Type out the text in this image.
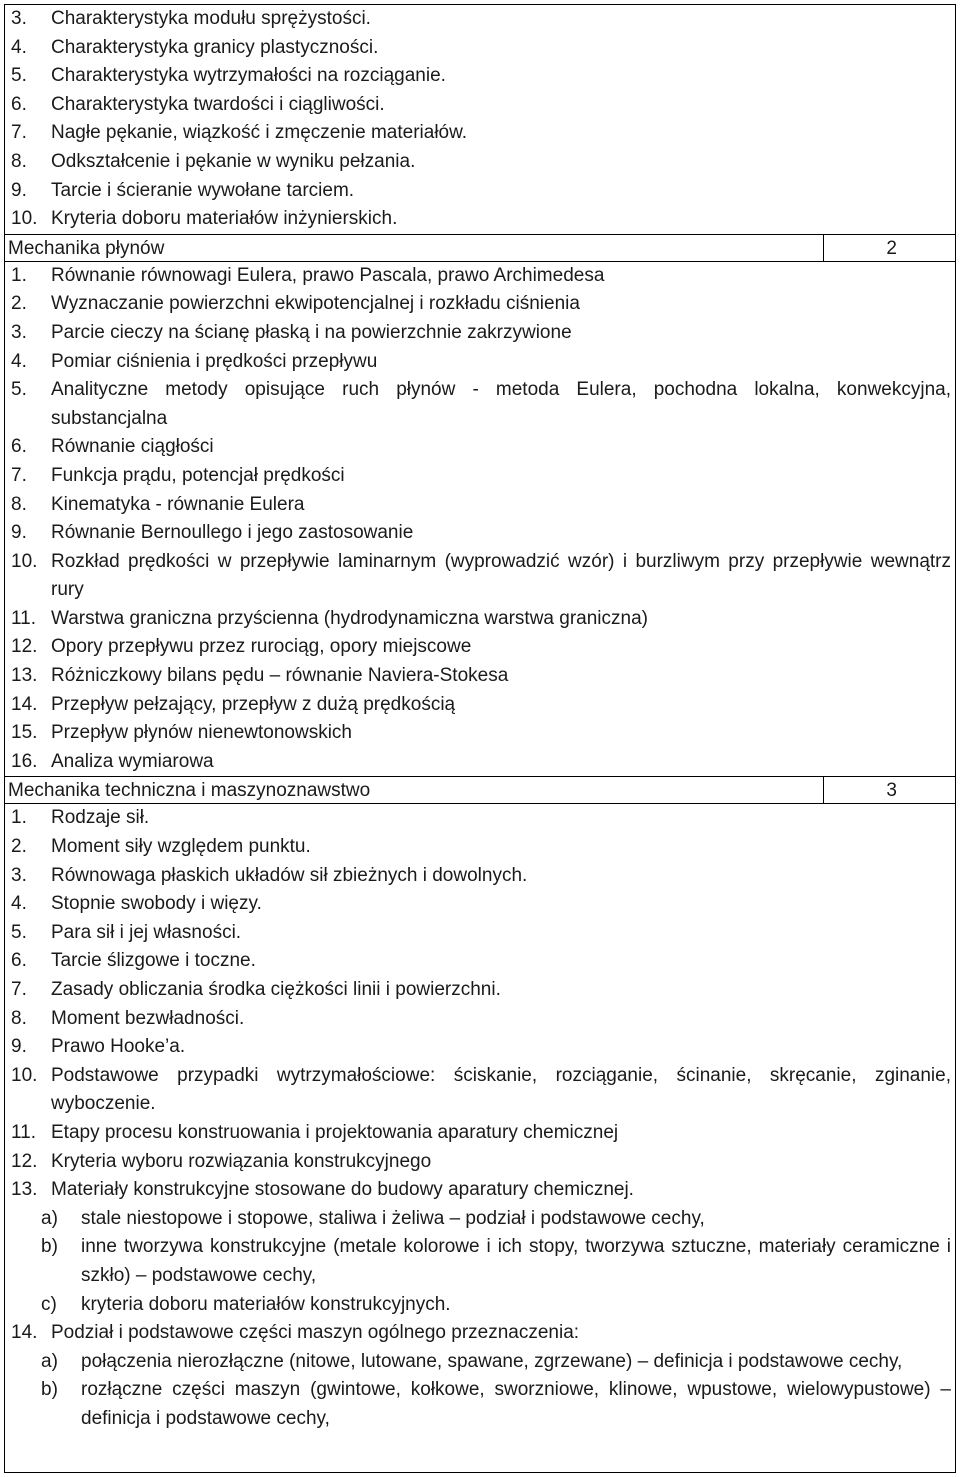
3.	Charakterystyka modułu sprężystości.
4.	Charakterystyka granicy plastyczności.
5.	Charakterystyka wytrzymałości na rozciąganie.
6.	Charakterystyka twardości i ciągliwości.
7.	Nagłe pękanie, wiązkość i zmęczenie materiałów.
8.	Odkształcenie i pękanie w wyniku pełzania.
9.	Tarcie i ścieranie wywołane tarciem.
10. Kryteria doboru materiałów inżynierskich.
Mechanika płynów	2
1.	Równanie równowagi Eulera, prawo Pascala, prawo Archimedesa
2.	Wyznaczanie powierzchni ekwipotencjalnej i rozkładu ciśnienia
3.	Parcie cieczy na ścianę płaską i na powierzchnie zakrzywione
4.	Pomiar ciśnienia i prędkości przepływu
5.	Analityczne metody opisujące ruch płynów - metoda Eulera, pochodna lokalna, konwekcyjna, substancjalna
6.	Równanie ciągłości
7.	Funkcja prądu, potencjał prędkości
8.	Kinematyka - równanie Eulera
9.	Równanie Bernoullego i jego zastosowanie
10. Rozkład prędkości w przepływie laminarnym (wyprowadzić wzór) i burzliwym przy przepływie wewnątrz rury
11. Warstwa graniczna przyścienna (hydrodynamiczna warstwa graniczna)
12. Opory przepływu przez rurociąg, opory miejscowe
13. Różniczkowy bilans pędu – równanie Naviera-Stokesa
14. Przepływ pełzający, przepływ z dużą prędkością
15. Przepływ płynów nienewtonowskich
16. Analiza wymiarowa
Mechanika techniczna i maszynoznawstwo	3
1.	Rodzaje sił.
2.	Moment siły względem punktu.
3.	Równowaga płaskich układów sił zbieżnych i dowolnych.
4.	Stopnie swobody i więzy.
5.	Para sił i jej własności.
6.	Tarcie ślizgowe i toczne.
7.	Zasady obliczania środka ciężkości linii i powierzchni.
8.	Moment bezwładności.
9.	Prawo Hooke’a.
10. Podstawowe przypadki wytrzymałościowe: ściskanie, rozciąganie, ścinanie, skręcanie, zginanie, wyboczenie.
11. Etapy procesu konstruowania i projektowania aparatury chemicznej
12. Kryteria wyboru rozwiązania konstrukcyjnego
13. Materiały konstrukcyjne stosowane do budowy aparatury chemicznej.
a)	stale niestopowe i stopowe, staliwa i żeliwa – podział i podstawowe cechy,
b)	inne tworzywa konstrukcyjne (metale kolorowe i ich stopy, tworzywa sztuczne, materiały ceramiczne i szkło) – podstawowe cechy,
c)	kryteria doboru materiałów konstrukcyjnych.
14. Podział i podstawowe części maszyn ogólnego przeznaczenia:
a)	połączenia nierozłączne (nitowe, lutowane, spawane, zgrzewane) – definicja i podstawowe cechy,
b)	rozłączne części maszyn (gwintowe, kołkowe, sworzniowe, klinowe, wpustowe, wielowypustowe) – definicja i podstawowe cechy,
